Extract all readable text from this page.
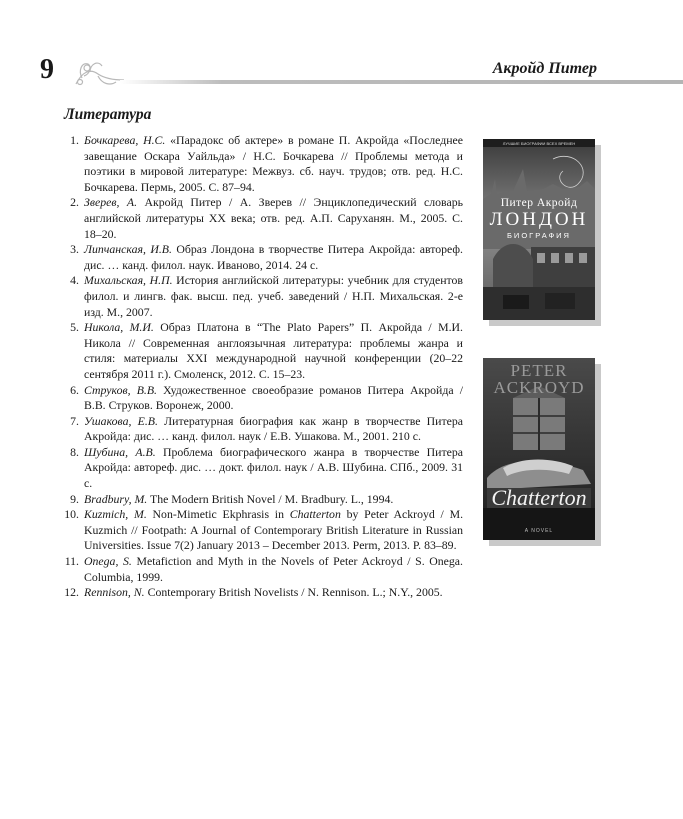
9	Акройд Питер
Литература
1. Бочкарева, Н.С. «Парадокс об актере» в романе П. Акройда «Последнее завещание Оскара Уайльда» / Н.С. Бочкарева // Проблемы метода и поэтики в мировой литературе: Межвуз. сб. науч. трудов; отв. ред. Н.С. Бочкарева. Пермь, 2005. С. 87–94.
2. Зверев, А. Акройд Питер / А. Зверев // Энциклопедический словарь английской литературы XX века; отв. ред. А.П. Саруханян. М., 2005. С. 18–20.
3. Липчанская, И.В. Образ Лондона в творчестве Питера Акройда: автореф. дис. … канд. филол. наук. Иваново, 2014. 24 с.
4. Михальская, Н.П. История английской литературы: учебник для студентов филол. и лингв. фак. высш. пед. учеб. заведений / Н.П. Михальская. 2-е изд. М., 2007.
5. Никола, М.И. Образ Платона в “The Plato Papers” П. Акройда / М.И. Никола // Современная англоязычная литература: проблемы жанра и стиля: материалы XXI международной научной конференции (20–22 сентября 2011 г.). Смоленск, 2012. С. 15–23.
6. Струков, В.В. Художественное своеобразие романов Питера Акройда / В.В. Струков. Воронеж, 2000.
7. Ушакова, Е.В. Литературная биография как жанр в творчестве Питера Акройда: дис. … канд. филол. наук / Е.В. Ушакова. М., 2001. 210 с.
8. Шубина, А.В. Проблема биографического жанра в творчестве Питера Акройда: автореф. дис. … докт. филол. наук / А.В. Шубина. СПб., 2009. 31 с.
9. Bradbury, M. The Modern British Novel / M. Bradbury. L., 1994.
10. Kuzmich, M. Non-Mimetic Ekphrasis in Chatterton by Peter Ackroyd / M. Kuzmich // Footpath: A Journal of Contemporary British Literature in Russian Universities. Issue 7(2) January 2013 – December 2013. Perm, 2013. P. 83–89.
11. Onega, S. Metafiction and Myth in the Novels of Peter Ackroyd / S. Onega. Columbia, 1999.
12. Rennison, N. Contemporary British Novelists / N. Rennison. L.; N.Y., 2005.
ЛУЧШИЕ БИОГРАФИИ ВСЕХ ВРЕМЕН
Питер Акройд
ЛОНДОН
БИОГРАФИЯ
PETER
ACKROYD
Chatterton
A NOVEL
